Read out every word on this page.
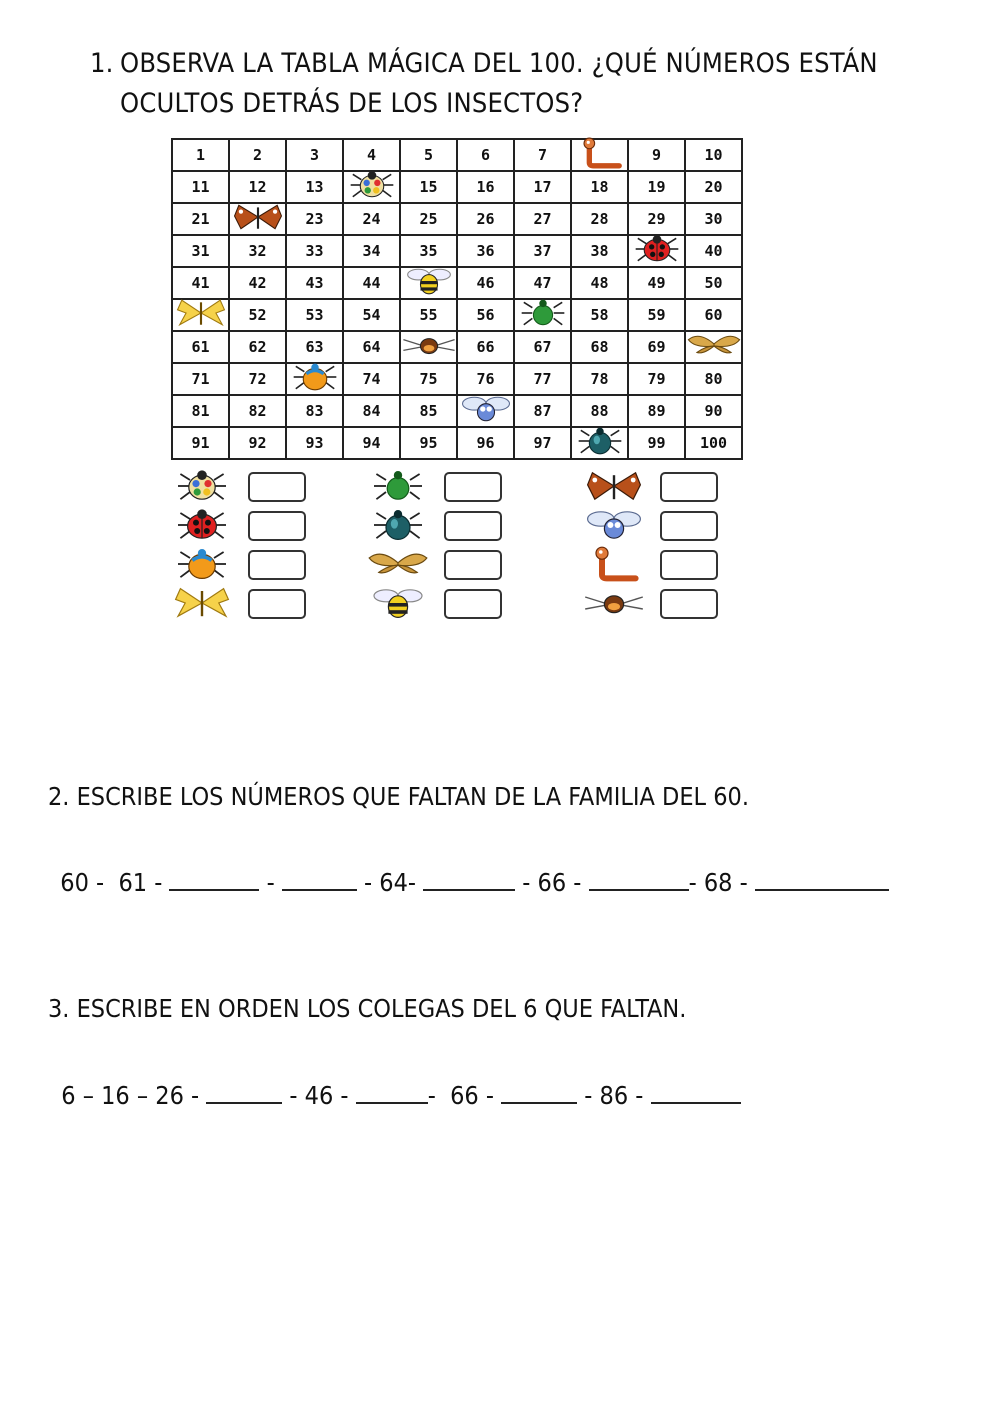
1. OBSERVA LA TABLA MÁGICA DEL 100. ¿QUÉ NÚMEROS ESTÁN
OCULTOS DETRÁS DE LOS INSECTOS?
1	2	3	4	5	6	7		9	10
11	12	13		15	16	17	18	19	20
21		23	24	25	26	27	28	29	30
31	32	33	34	35	36	37	38		40
41	42	43	44		46	47	48	49	50

	52	53	54	55	56		58	59	60
61	62	63	64		66	67	68	69	

71	72		74	75	76	77	78	79	80
81	82	83	84	85		87	88	89	90
91	92	93	94	95	96	97		99	100
2. ESCRIBE LOS NÚMEROS QUE FALTAN DE LA FAMILIA DEL 60.

60 -  61 -	-	- 64-	- 66 -	- 68 -

3. ESCRIBE EN ORDEN LOS COLEGAS DEL 6 QUE FALTAN.

6 – 16 – 26 -	- 46 -	-  66 -	- 86 -
